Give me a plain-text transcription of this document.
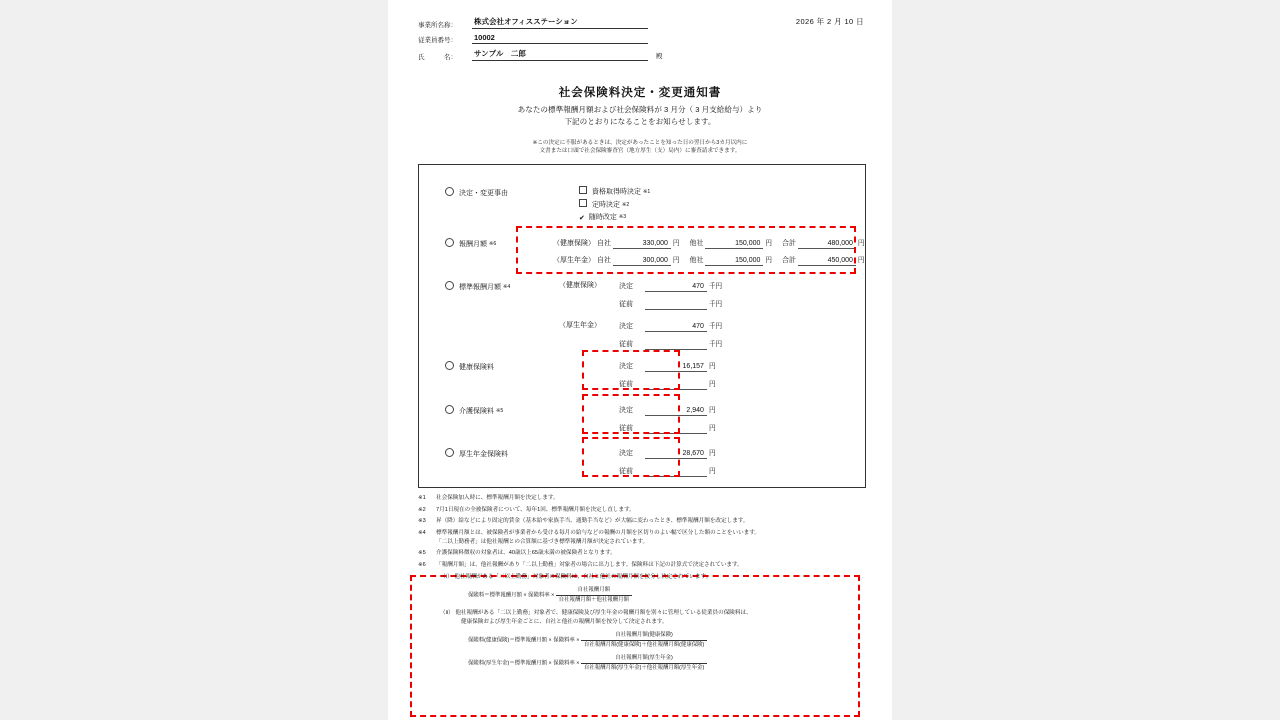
事業所名称：	株式会社オフィスステーション
従業員番号：	10002
氏　　　名：	サンプル　二郎	殿
2026 年 2 月 10 日
社会保険料決定・変更通知書
あなたの標準報酬月額および社会保険料が 3 月分（ 3 月支給給与）より
下記のとおりになることをお知らせします。
※この決定に不服があるときは、決定があったことを知った日の翌日から3カ月以内に
文書または口頭で社会保険審査官（地方厚生（支）局内）に審査請求できます。
決定・変更事由	資格取得時決定 ※1
定時決定 ※2
✔随時改定 ※3
報酬月額 ※6	（健康保険） 自社	330,000 円 他社	150,000 円 合計	480,000 円
（厚生年金） 自社	300,000 円 他社	150,000 円 合計	450,000 円
標準報酬月額 ※4	（健康保険）	決定	470 千円
従前	千円
（厚生年金）	決定	470 千円
従前	千円
健康保険料	決定	16,157 円
従前	円
介護保険料 ※5	決定	2,940 円
従前	円
厚生年金保険料	決定	28,670 円
従前	円

※1 社会保険加入時に、標準報酬月額を決定します。

※2 7月1日現在の全被保険者について、毎年1回、標準報酬月額を決定し直します。

※3 昇（降）給などにより固定的賃金（基本給や家族手当、通勤手当など）が大幅に変わったとき、標準報酬月額を改定します。

※4 標準報酬月額とは、被保険者が事業者から受ける毎月の給与などの報酬の月額を区切りのよい幅で区分した額のことをいいます。
「二以上勤務者」は他社報酬との合算額に基づき標準報酬月額が決定されています。

※5 介護保険料徴収の対象者は、40歳以上65歳未満の被保険者となります。

※6 「報酬月額」は、他社報酬があり「二以上勤務」対象者の場合に出力します。保険料は下記の計算式で決定されています。

（ⅰ） 他社報酬がある「二以上勤務」対象者の保険料は、自社と他社の報酬月額を按分し決定されています。

保険料＝標準報酬月額 × 保険料率 × $\frac{\text{自社報酬月額}}{\text{自社報酬月額＋他社報酬月額}}$

（ⅱ） 他社報酬がある「二以上勤務」対象者で、健康保険及び厚生年金の報酬月額を別々に管理している従業員の保険料は、
健康保険および厚生年金ごとに、自社と他社の報酬月額を按分して決定されます。

保険料(健康保険)＝標準報酬月額 × 保険料率 × $\frac{\text{自社報酬月額(健康保険)}}{\text{自社報酬月額(健康保険)＋他社報酬月額(健康保険)}}$

保険料(厚生年金)＝標準報酬月額 × 保険料率 × $\frac{\text{自社報酬月額(厚生年金)}}{\text{自社報酬月額(厚生年金)＋他社報酬月額(厚生年金)}}$
